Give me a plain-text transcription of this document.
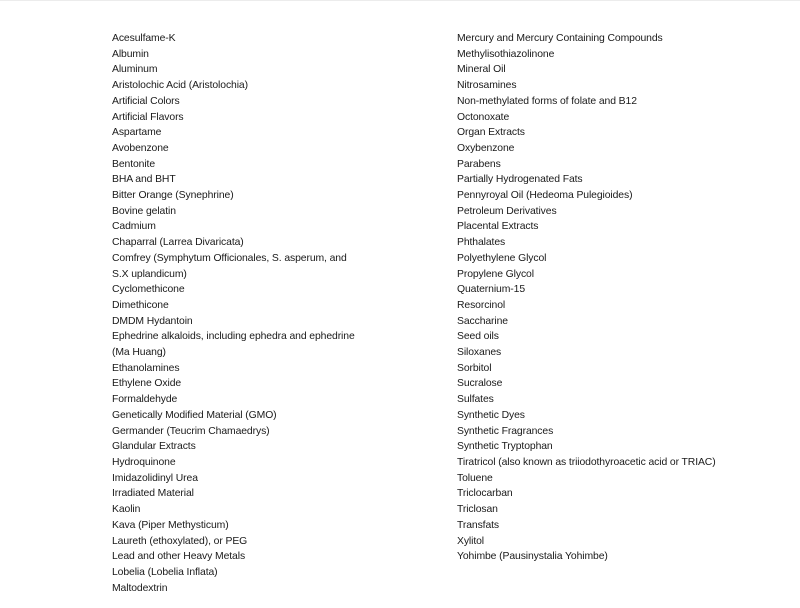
Acesulfame-K
Albumin
Aluminum
Aristolochic Acid (Aristolochia)
Artificial Colors
Artificial Flavors
Aspartame
Avobenzone
Bentonite
BHA and BHT
Bitter Orange (Synephrine)
Bovine gelatin
Cadmium
Chaparral (Larrea Divaricata)
Comfrey (Symphytum Officionales, S. asperum, and S.X uplandicum)
Cyclomethicone
Dimethicone
DMDM Hydantoin
Ephedrine alkaloids, including ephedra and ephedrine (Ma Huang)
Ethanolamines
Ethylene Oxide
Formaldehyde
Genetically Modified Material (GMO)
Germander (Teucrim Chamaedrys)
Glandular Extracts
Hydroquinone
Imidazolidinyl Urea
Irradiated Material
Kaolin
Kava (Piper Methysticum)
Laureth (ethoxylated), or PEG
Lead and other Heavy Metals
Lobelia (Lobelia Inflata)
Maltodextrin
Mercury and Mercury Containing Compounds
Methylisothiazolinone
Mineral Oil
Nitrosamines
Non-methylated forms of folate and B12
Octonoxate
Organ Extracts
Oxybenzone
Parabens
Partially Hydrogenated Fats
Pennyroyal Oil (Hedeoma Pulegioides)
Petroleum Derivatives
Placental Extracts
Phthalates
Polyethylene Glycol
Propylene Glycol
Quaternium-15
Resorcinol
Saccharine
Seed oils
Siloxanes
Sorbitol
Sucralose
Sulfates
Synthetic Dyes
Synthetic Fragrances
Synthetic Tryptophan
Tiratricol (also known as triiodothyroacetic acid or TRIAC)
Toluene
Triclocarban
Triclosan
Transfats
Xylitol
Yohimbe (Pausinystalia Yohimbe)
